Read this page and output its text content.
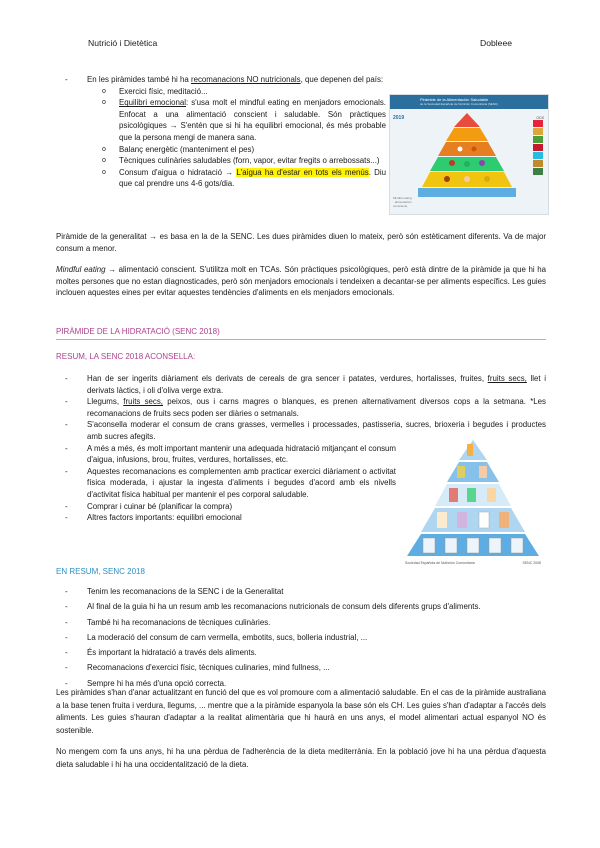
Nutrició i Dietètica	Dobleee
- En les piràmides també hi ha recomanacions NO nutricionals, que depenen del país:
o Exercici físic, meditació...
o Equilibri emocional: s'usa molt el mindful eating en menjadors emocionals. Enfocat a una alimentació conscient i saludable. Són pràctiques psicològiques → S'entén que si hi ha equilibri emocional, és més probable que la persona mengi de manera sana.
o Balanç energètic (manteniment el pes)
o Tècniques culinàries saludables (forn, vapor, evitar fregits o arrebossats...)
o Consum d'aigua o hidratació → L'aigua ha d'estar en tots els menús. Diu que cal prendre uns 4-6 gots/dia.
Pirámide de la Alimentación Saludable
de la Sociedad Española de Nutrición Comunitaria (SENC)
2019	ODS
Mindful eating · alimentación consciente

Piràmide de la generalitat → es basa en la de la SENC. Les dues piràmides diuen lo mateix, però són estèticament diferents. Va de major consum a menor.

Mindful eating → alimentació conscient. S'utilitza molt en TCAs. Són pràctiques psicològiques, però està dintre de la piràmide ja que hi ha moltes persones que no estan diagnosticades, però són menjadors emocionals i tendeixen a decantar-se per aliments específics. Les guies inclouen aquestes eines per evitar aquestes tendències d'aliments en els menjadors emocionals.

PIRÀMIDE DE LA HIDRATACIÓ (SENC 2018)
RESUM, LA SENC 2018 ACONSELLA:
- Han de ser ingerits diàriament els derivats de cereals de gra sencer i patates, verdures, hortalisses, fruites, fruits secs, llet i derivats làctics, i oli d'oliva verge extra.
- Llegums, fruits secs, peixos, ous i carns magres o blanques, es prenen alternativament diversos cops a la setmana. *Les recomanacions de fruits secs poden ser diàries o setmanals.
- S'aconsella moderar el consum de crans grasses, vermelles i processades, pastisseria, sucres, brioxeria i begudes i productes amb sucres afegits.
- A més a més, és molt important mantenir una adequada hidratació mitjançant el consum d'aigua, infusions, brou, fruites, verdures, hortalisses, etc.
- Aquestes recomanacions es complementen amb practicar exercici diàriament o activitat física moderada, i ajustar la ingesta d'aliments i begudes d'acord amb els nivells d'activitat física habitual per mantenir el pes corporal saludable.
- Comprar i cuinar bé (planificar la compra)
- Altres factors importants: equilibri emocional
Sociedad Española de Nutrición Comunitaria	SENC 2008
EN RESUM, SENC 2018
- Tenim les recomanacions de la SENC i de la Generalitat
- Al final de la guia hi ha un resum amb les recomanacions nutricionals de consum dels diferents grups d'aliments.
- També hi ha recomanacions de tècniques culinàries.
- La moderació del consum de carn vermella, embotits, sucs, bolleria industrial, ...
- És important la hidratació a través dels aliments.
- Recomanacions d'exercici físic, tècniques culinaries, mind fullness, ...
- Sempre hi ha més d'una opció correcta.

Les piràmides s'han d'anar actualitzant en funció del que es vol promoure com a alimentació saludable. En el cas de la piràmide australiana a la base tenen fruita i verdura, llegums, ... mentre que a la piràmide espanyola la base són els CH. Les guies s'han d'adaptar a l'accés dels aliments. Les guies s'hauran d'adaptar a la realitat alimentària que hi haurà en uns anys, el model alimentari actual espanyol NO és sostenible.

No mengem com fa uns anys, hi ha una pèrdua de l'adherència de la dieta mediterrània. En la població jove hi ha una pèrdua d'aquesta dieta saludable i hi ha una occidentalització de la dieta.
